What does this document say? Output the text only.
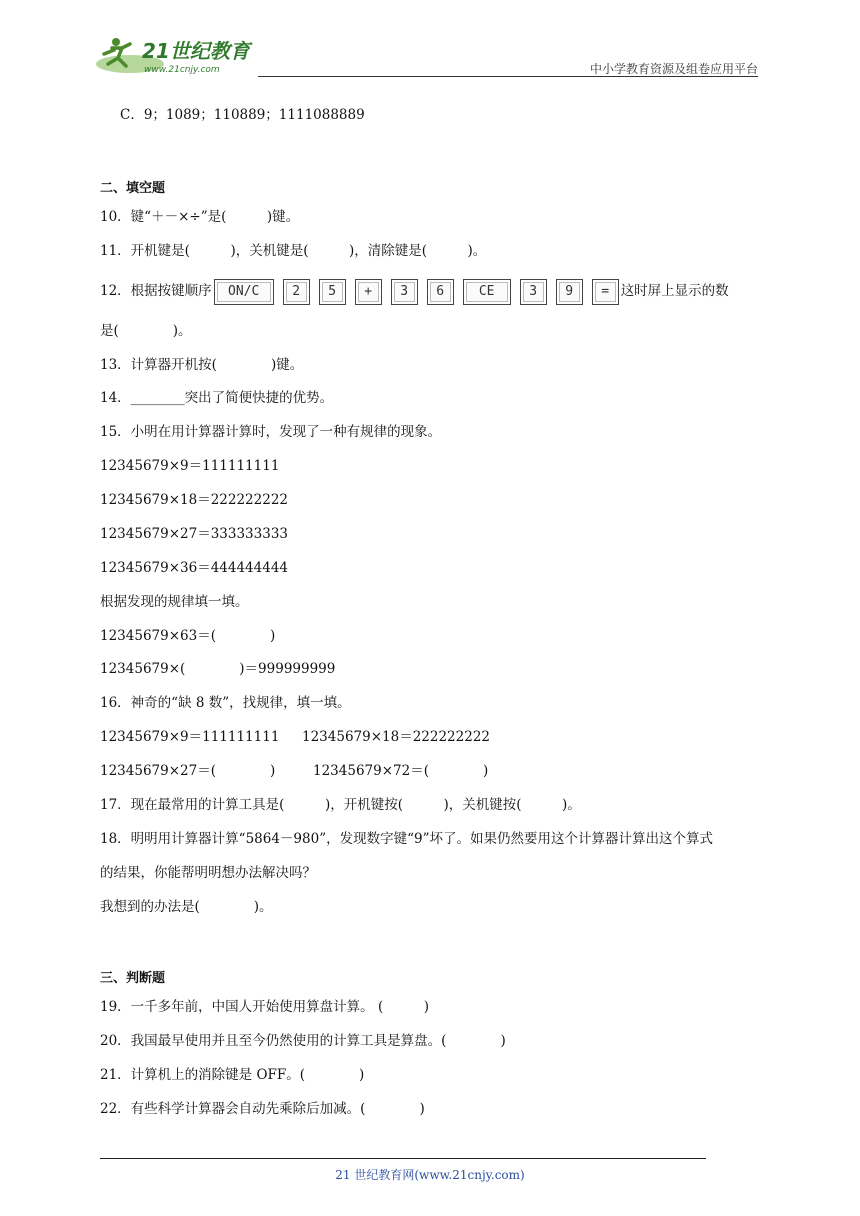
21世纪教育
www.21cnjy.com	中小学教育资源及组卷应用平台
C．9；1089；110889；1111088889
二、填空题
10．键“＋－×÷”是(　　　)键。
11．开机键是(　　　)，关机键是(　　　)，清除键是(　　　)。
12．根据按键顺序	ON/C	2	5	+	3	6	CE	3	9	= 这时屏上显示的数
是(　　　　)。
13．计算器开机按(　　　　)键。
14．________突出了简便快捷的优势。
15．小明在用计算器计算时，发现了一种有规律的现象。
12345679×9＝111111111
12345679×18＝222222222
12345679×27＝333333333
12345679×36＝444444444
根据发现的规律填一填。
12345679×63＝(　　　　)
12345679×(　　　　)＝999999999
16．神奇的“缺 8 数”，找规律，填一填。
12345679×9＝111111111 12345679×18＝222222222
12345679×27＝(　　　　)	12345679×72＝(　　　　)
17．现在最常用的计算工具是(　　　)，开机键按(　　　)，关机键按(　　　)。
18．明明用计算器计算“5864－980”，发现数字键“9”坏了。如果仍然要用这个计算器计算出这个算式
的结果，你能帮明明想办法解决吗？
我想到的办法是(　　　　)。
三、判断题
19．一千多年前，中国人开始使用算盘计算。 (　　　)
20．我国最早使用并且至今仍然使用的计算工具是算盘。(　　　　)
21．计算机上的消除键是 OFF。(　　　　)
22．有些科学计算器会自动先乘除后加减。(　　　　)
21 世纪教育网(www.21cnjy.com)
